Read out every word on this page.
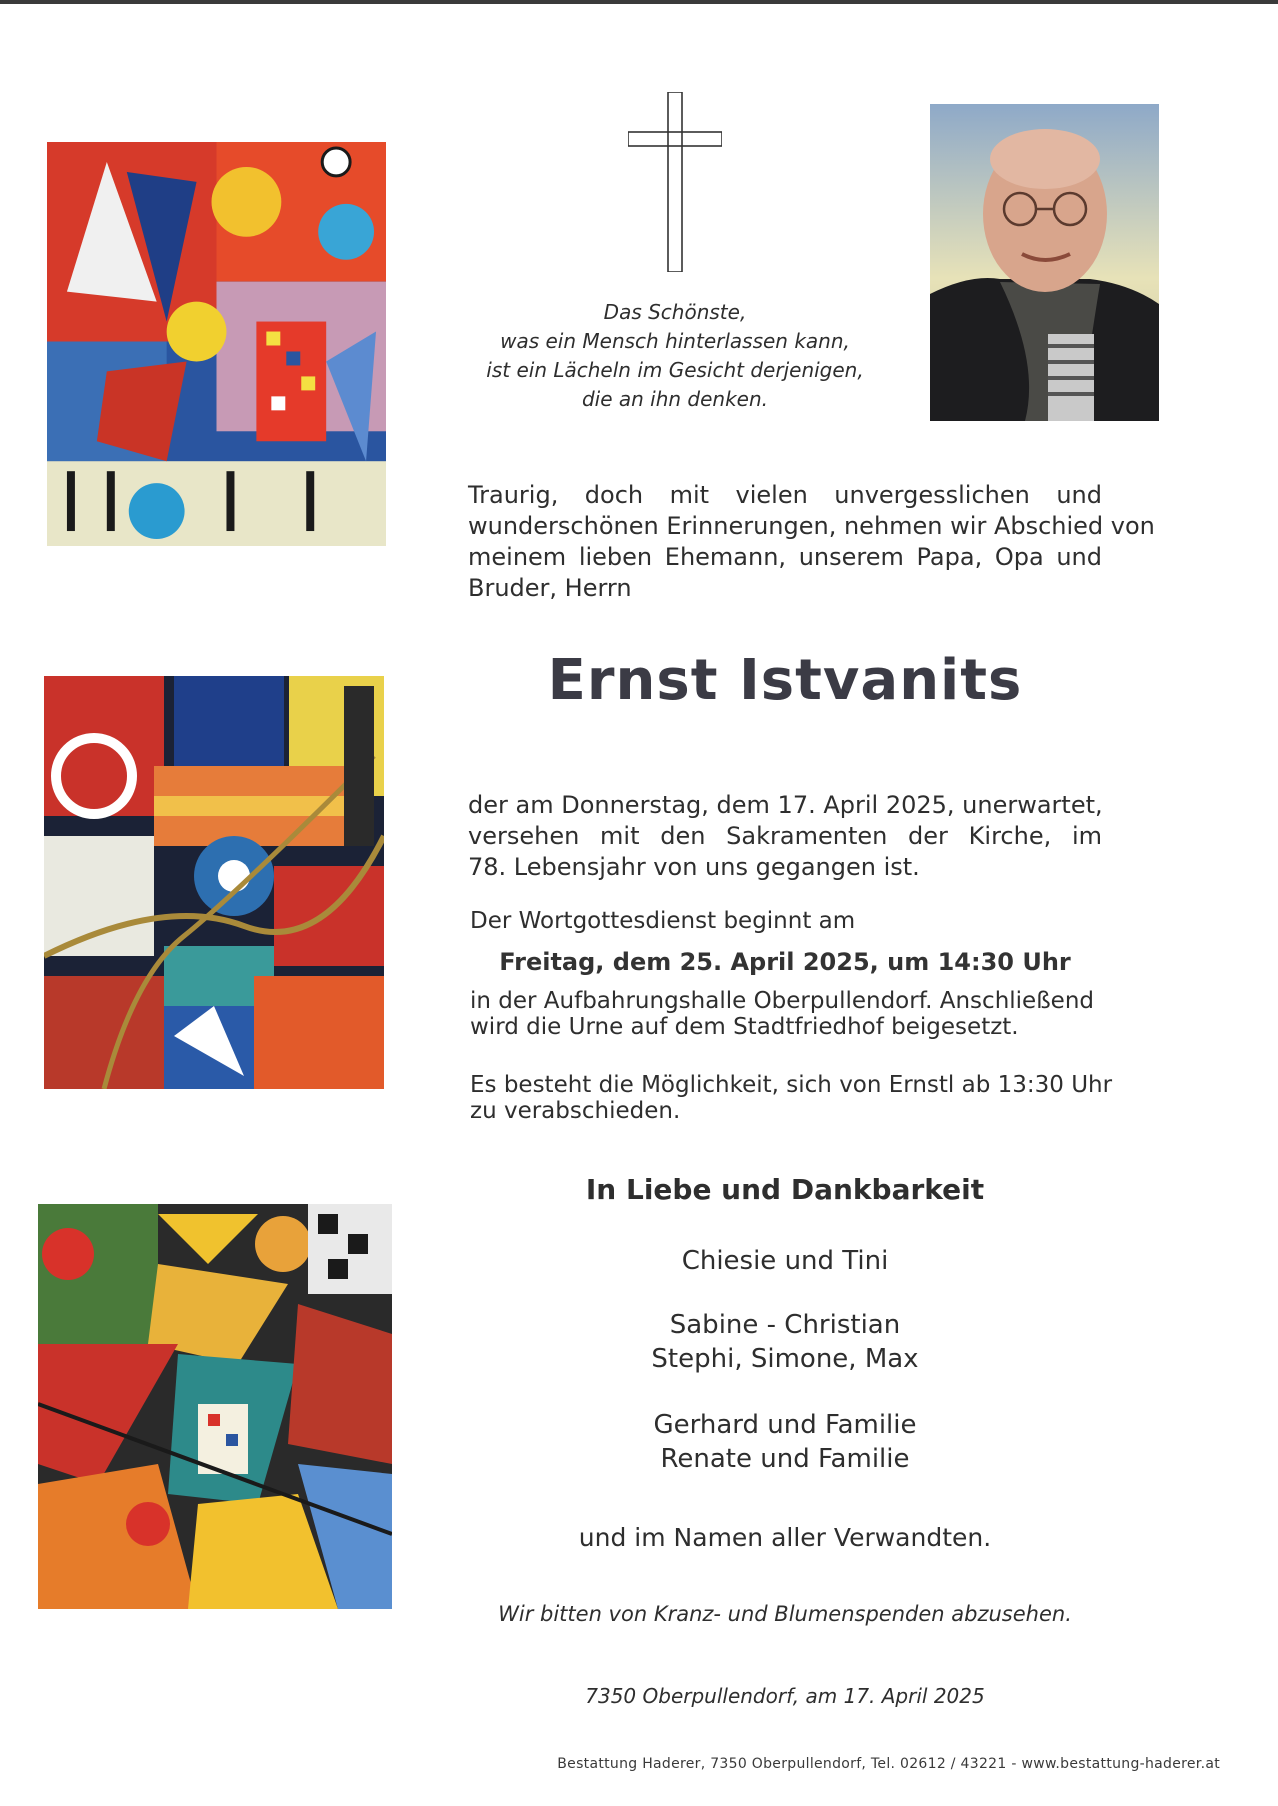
Das Schönste,
was ein Mensch hinterlassen kann,
ist ein Lächeln im Gesicht derjenigen,
die an ihn denken.
Traurig, doch mit vielen unvergesslichen und
wunderschönen Erinnerungen, nehmen wir Abschied von
meinem lieben Ehemann, unserem Papa, Opa und
Bruder, Herrn
Ernst Istvanits
der am Donnerstag, dem 17. April 2025, unerwartet,
versehen mit den Sakramenten der Kirche, im
78. Lebensjahr von uns gegangen ist.
Der Wortgottesdienst beginnt am
Freitag, dem 25. April 2025, um 14:30 Uhr
in der Aufbahrungshalle Oberpullendorf. Anschließend
wird die Urne auf dem Stadtfriedhof beigesetzt.
Es besteht die Möglichkeit, sich von Ernstl ab 13:30 Uhr
zu verabschieden.
In Liebe und Dankbarkeit
Chiesie und Tini
Sabine - Christian
Stephi, Simone, Max
Gerhard und Familie
Renate und Familie
und im Namen aller Verwandten.
Wir bitten von Kranz- und Blumenspenden abzusehen.
7350 Oberpullendorf, am 17. April 2025
Bestattung Haderer, 7350 Oberpullendorf, Tel. 02612 / 43221 - www.bestattung-haderer.at
